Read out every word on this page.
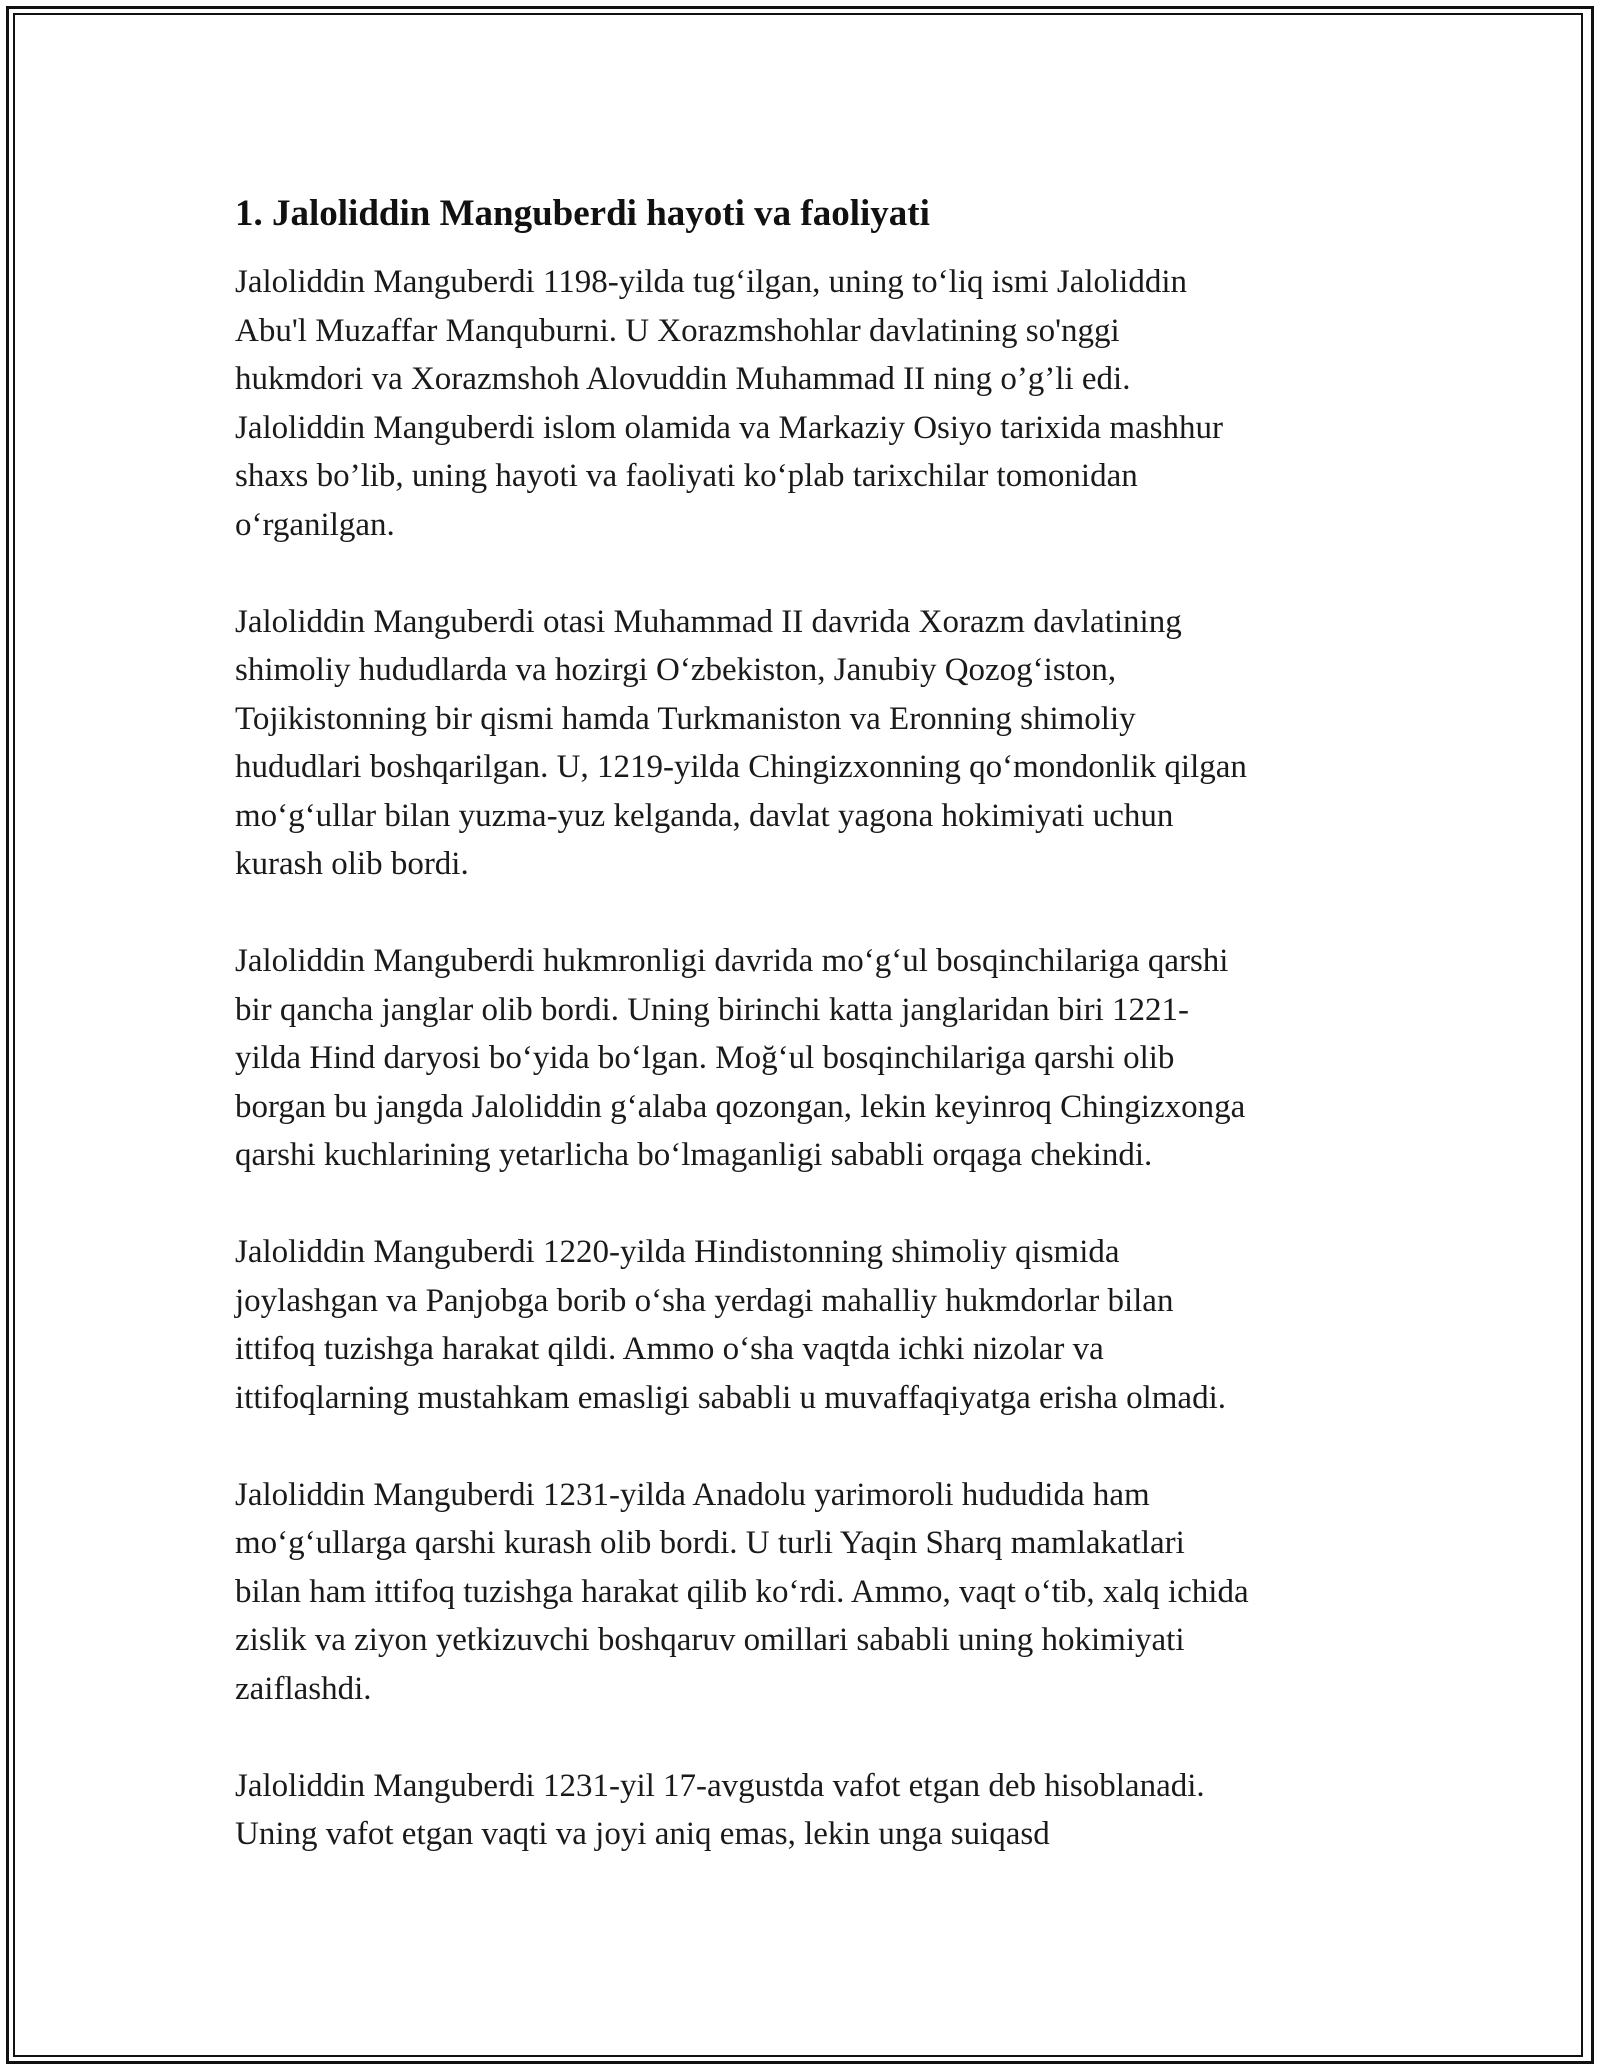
1. Jaloliddin Manguberdi hayoti va faoliyati

Jaloliddin Manguberdi 1198-yilda tug‘ilgan, uning to‘liq ismi Jaloliddin
Abu'l Muzaffar Manquburni. U Xorazmshohlar davlatining so'nggi
hukmdori va Xorazmshoh Alovuddin Muhammad II ning o’g’li edi.
Jaloliddin Manguberdi islom olamida va Markaziy Osiyo tarixida mashhur
shaxs bo’lib, uning hayoti va faoliyati ko‘plab tarixchilar tomonidan
o‘rganilgan.

Jaloliddin Manguberdi otasi Muhammad II davrida Xorazm davlatining
shimoliy hududlarda va hozirgi O‘zbekiston, Janubiy Qozog‘iston,
Tojikistonning bir qismi hamda Turkmaniston va Eronning shimoliy
hududlari boshqarilgan. U, 1219-yilda Chingizxonning qo‘mondonlik qilgan
mo‘g‘ullar bilan yuzma-yuz kelganda, davlat yagona hokimiyati uchun
kurash olib bordi.

Jaloliddin Manguberdi hukmronligi davrida mo‘g‘ul bosqinchilariga qarshi
bir qancha janglar olib bordi. Uning birinchi katta janglaridan biri 1221-
yilda Hind daryosi bo‘yida bo‘lgan. Moğ‘ul bosqinchilariga qarshi olib
borgan bu jangda Jaloliddin g‘alaba qozongan, lekin keyinroq Chingizxonga
qarshi kuchlarining yetarlicha bo‘lmaganligi sababli orqaga chekindi.

Jaloliddin Manguberdi 1220-yilda Hindistonning shimoliy qismida
joylashgan va Panjobga borib o‘sha yerdagi mahalliy hukmdorlar bilan
ittifoq tuzishga harakat qildi. Ammo o‘sha vaqtda ichki nizolar va
ittifoqlarning mustahkam emasligi sababli u muvaffaqiyatga erisha olmadi.

Jaloliddin Manguberdi 1231-yilda Anadolu yarimoroli hududida ham
mo‘g‘ullarga qarshi kurash olib bordi. U turli Yaqin Sharq mamlakatlari
bilan ham ittifoq tuzishga harakat qilib ko‘rdi. Ammo, vaqt o‘tib, xalq ichida
zislik va ziyon yetkizuvchi boshqaruv omillari sababli uning hokimiyati
zaiflashdi.

Jaloliddin Manguberdi 1231-yil 17-avgustda vafot etgan deb hisoblanadi.
Uning vafot etgan vaqti va joyi aniq emas, lekin unga suiqasd
